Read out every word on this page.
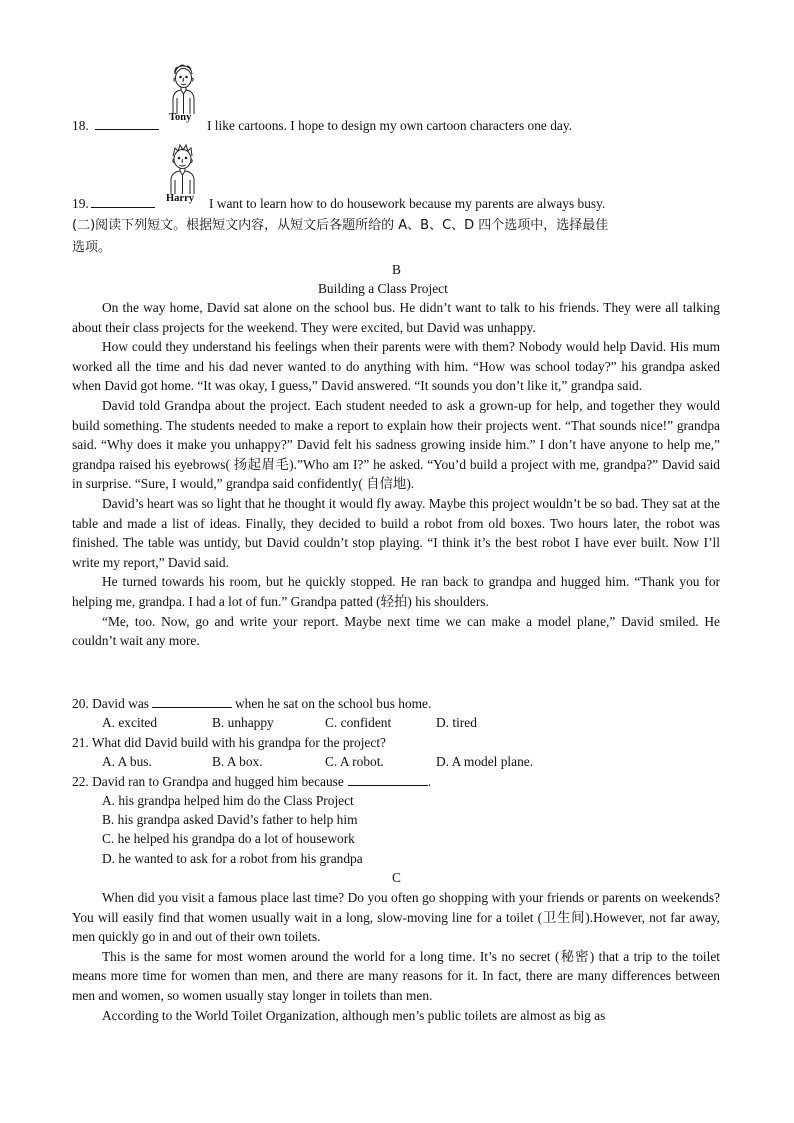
Tony
18.	I like cartoons. I hope to design my own cartoon characters one day.
Harry
19.	I want to learn how to do housework because my parents are always busy.
(二)阅读下列短文。根据短文内容，从短文后各题所给的 A、B、C、D 四个选项中，选择最佳
选项。
B
Building a Class Project

On the way home, David sat alone on the school bus. He didn’t want to talk to his friends. They were all talking about their class projects for the weekend. They were excited, but David was unhappy.

How could they understand his feelings when their parents were with them? Nobody would help David. His mum worked all the time and his dad never wanted to do anything with him. “How was school today?” his grandpa asked when David got home. “It was okay, I guess,” David answered. “It sounds you don’t like it,” grandpa said.

David told Grandpa about the project. Each student needed to ask a grown-up for help, and together they would build something. The students needed to make a report to explain how their projects went. “That sounds nice!” grandpa said. “Why does it make you unhappy?” David felt his sadness growing inside him.” I don’t have anyone to help me,” grandpa raised his eyebrows( 扬起眉毛).”Who am I?” he asked. “You’d build a project with me, grandpa?” David said in surprise. “Sure, I would,” grandpa said confidently( 自信地).

David’s heart was so light that he thought it would fly away. Maybe this project wouldn’t be so bad. They sat at the table and made a list of ideas. Finally, they decided to build a robot from old boxes. Two hours later, the robot was finished. The table was untidy, but David couldn’t stop playing. “I think it’s the best robot I have ever built. Now I’ll write my report,” David said.

He turned towards his room, but he quickly stopped. He ran back to grandpa and hugged him. “Thank you for helping me, grandpa. I had a lot of fun.” Grandpa patted (轻拍) his shoulders.

“Me, too. Now, go and write your report. Maybe next time we can make a model plane,” David smiled. He couldn’t wait any more.

20. David was	when he sat on the school bus home.
A. excited	B. unhappy	C. confident	D. tired
21. What did David build with his grandpa for the project?
A. A bus.	B. A box.	C. A robot.	D. A model plane.
22. David ran to Grandpa and hugged him because	.
A. his grandpa helped him do the Class Project
B. his grandpa asked David’s father to help him
C. he helped his grandpa do a lot of housework
D. he wanted to ask for a robot from his grandpa
C

When did you visit a famous place last time? Do you often go shopping with your friends or parents on weekends? You will easily find that women usually wait in a long, slow-moving line for a toilet (卫生间).However, not far away, men quickly go in and out of their own toilets.

This is the same for most women around the world for a long time. It’s no secret (秘密) that a trip to the toilet means more time for women than men, and there are many reasons for it. In fact, there are many differences between men and women, so women usually stay longer in toilets than men.

According to the World Toilet Organization, although men’s public toilets are almost as big as
